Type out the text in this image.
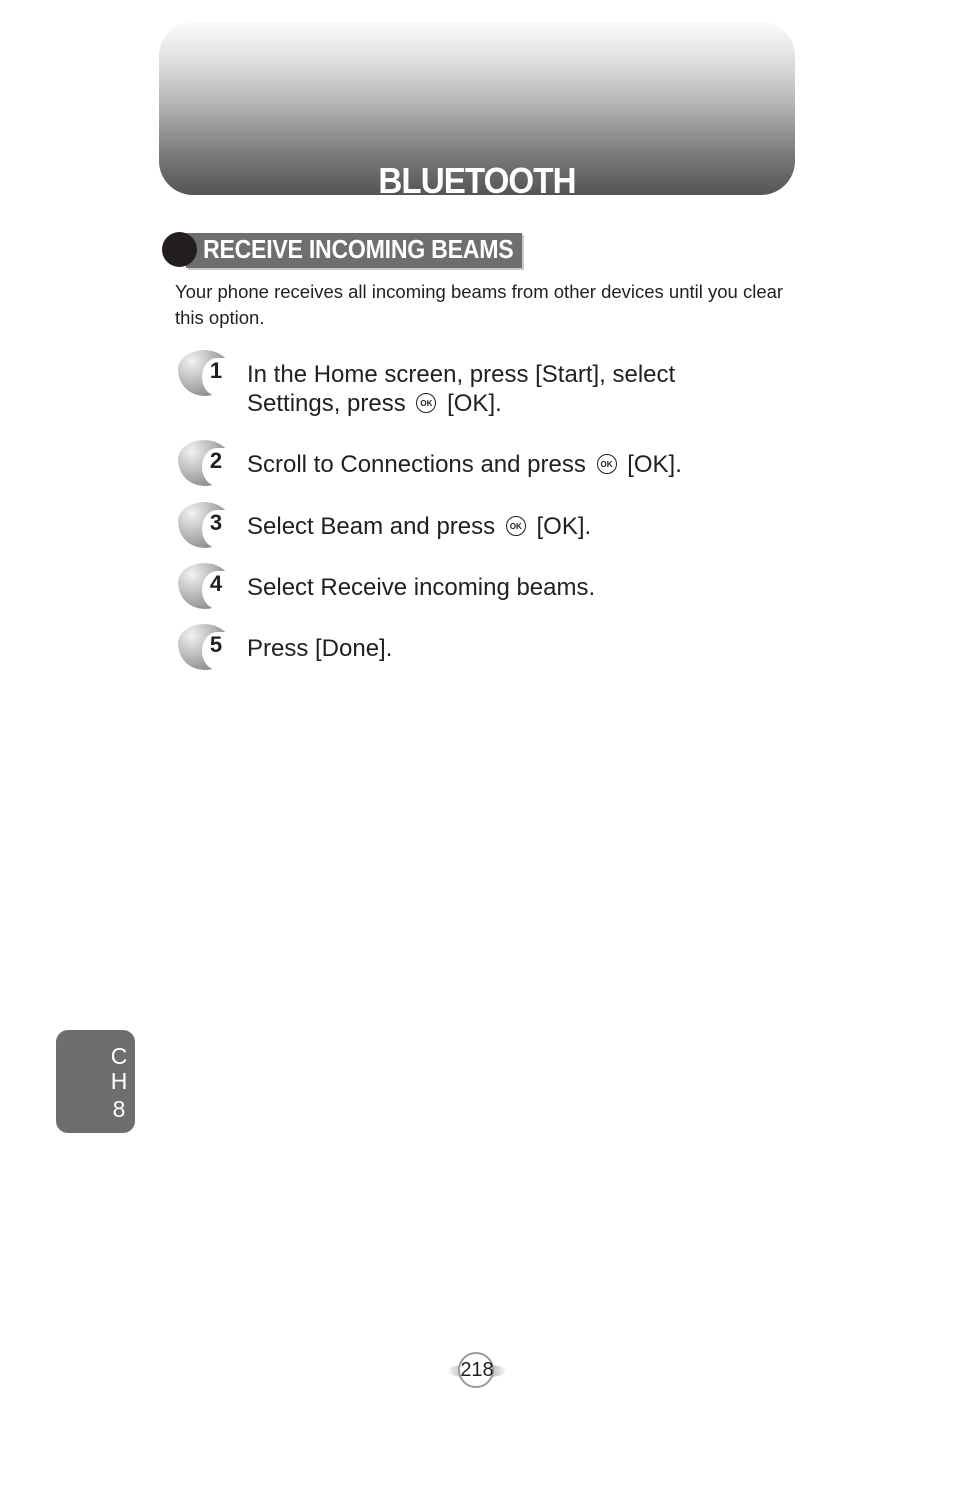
BLUETOOTH
RECEIVE INCOMING BEAMS
Your phone receives all incoming beams from other devices until you clear this option.
1 In the Home screen, press [Start], select
Settings, press OK [OK].
2 Scroll to Connections and press OK [OK].
3 Select Beam and press OK [OK].
4 Select Receive incoming beams.
5 Press [Done].
C
H
8
218
